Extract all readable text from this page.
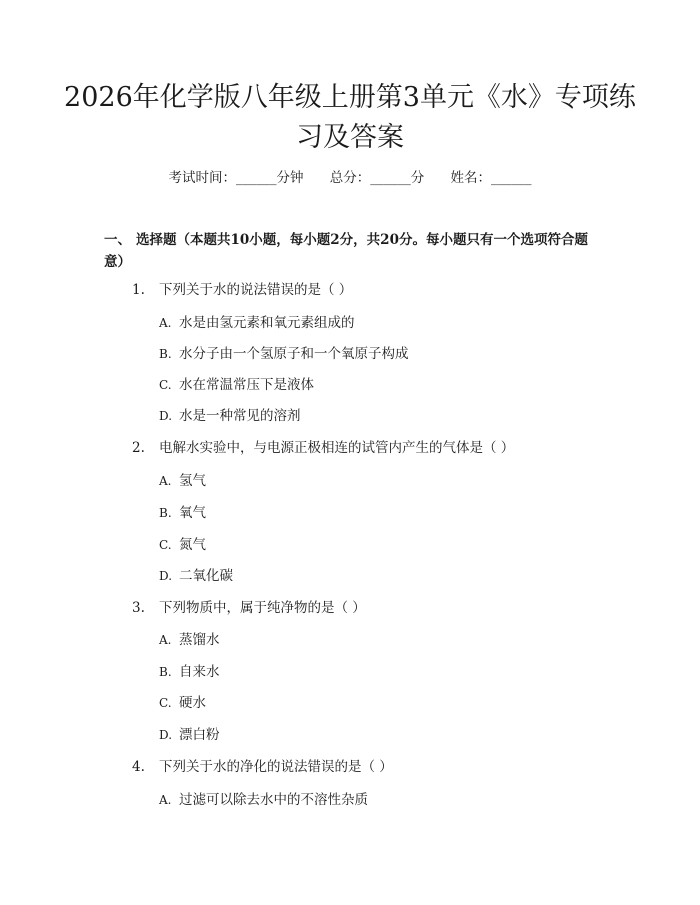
2026年化学版八年级上册第3单元《水》专项练习及答案
考试时间：______分钟 总分：______分 姓名：______
一、 选择题（本题共10小题，每小题2分，共20分。每小题只有一个选项符合题意）
1. 下列关于水的说法错误的是（ ）
A. 水是由氢元素和氧元素组成的
B. 水分子由一个氢原子和一个氧原子构成
C. 水在常温常压下是液体
D. 水是一种常见的溶剂
2. 电解水实验中，与电源正极相连的试管内产生的气体是（ ）
A. 氢气
B. 氧气
C. 氮气
D. 二氧化碳
3. 下列物质中，属于纯净物的是（ ）
A. 蒸馏水
B. 自来水
C. 硬水
D. 漂白粉
4. 下列关于水的净化的说法错误的是（ ）
A. 过滤可以除去水中的不溶性杂质
